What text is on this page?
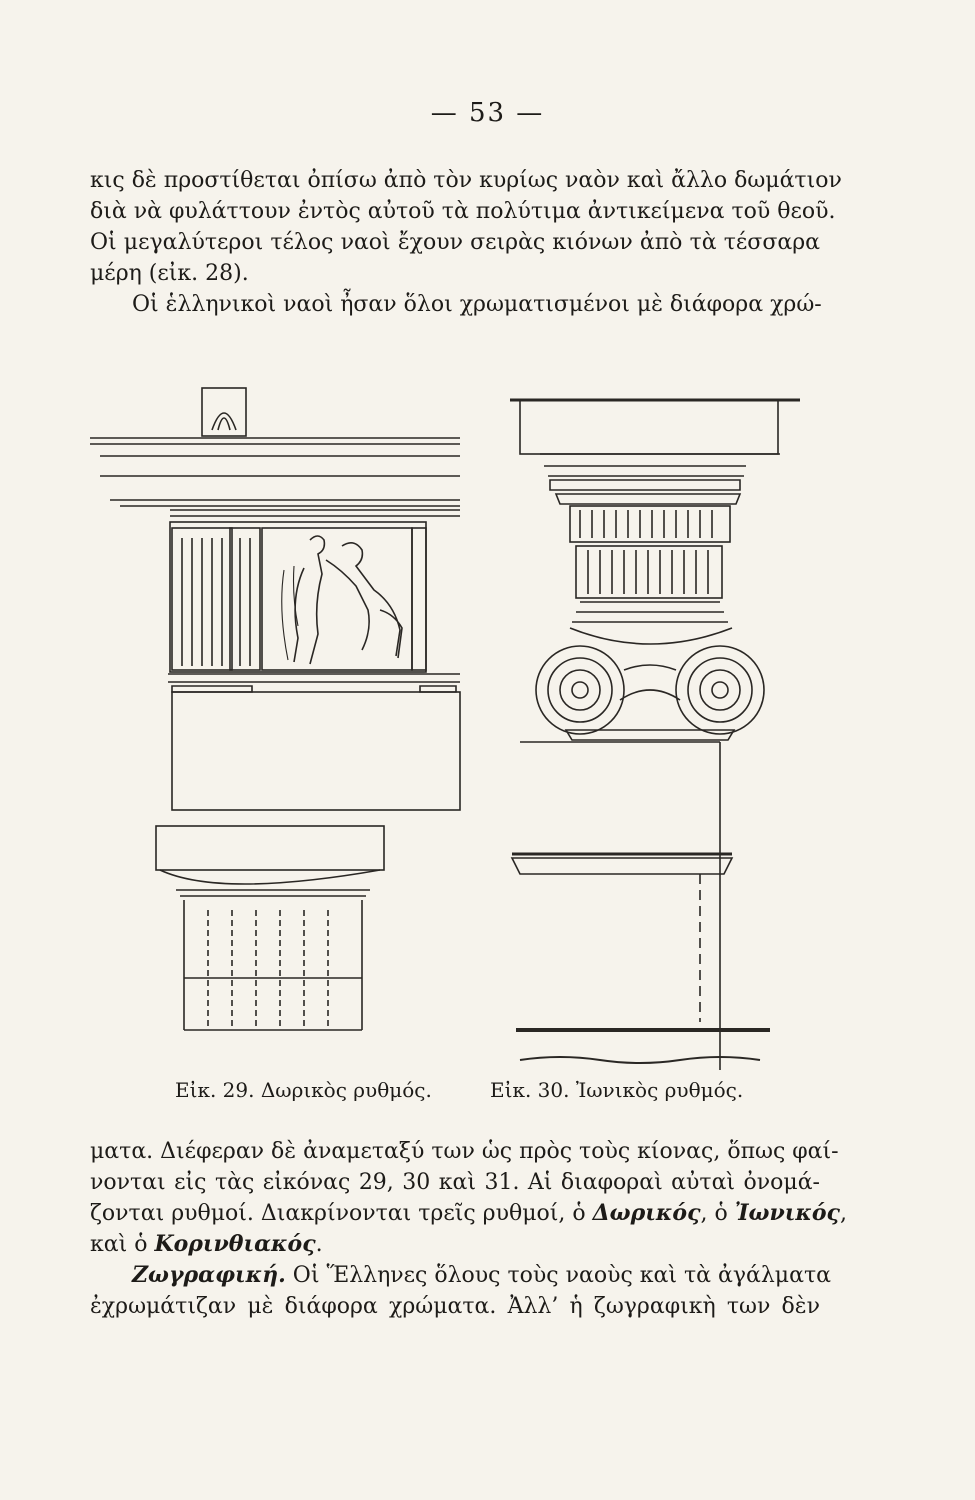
— 53 —
κις δὲ προστίθεται ὀπίσω ἀπὸ τὸν κυρίως ναὸν καὶ ἄλλο δωμάτιον
διὰ νὰ φυλάττουν ἐντὸς αὐτοῦ τὰ πολύτιμα ἀντικείμενα τοῦ θεοῦ.
Οἱ μεγαλύτεροι τέλος ναοὶ ἔχουν σειρὰς κιόνων ἀπὸ τὰ τέσσαρα
μέρη (εἰκ. 28).
Οἱ ἑλληνικοὶ ναοὶ ἦσαν ὅλοι χρωματισμένοι μὲ διάφορα χρώ-
Εἰκ. 29. Δωρικὸς ρυθμός.	Εἰκ. 30. Ἰωνικὸς ρυθμός.
ματα. Διέφεραν δὲ ἀναμεταξύ των ὡς πρὸς τοὺς κίονας, ὅπως φαί-
νονται εἰς τὰς εἰκόνας 29, 30 καὶ 31. Αἱ διαφοραὶ αὐταὶ ὀνομά-
ζονται ρυθμοί. Διακρίνονται τρεῖς ρυθμοί, ὁ Δωρικός, ὁ Ἰωνικός,
καὶ ὁ Κορινθιακός.
Ζωγραφική. Οἱ Ἕλληνες ὅλους τοὺς ναοὺς καὶ τὰ ἀγάλματα
ἐχρωμάτιζαν μὲ διάφορα χρώματα. Ἀλλ’ ἡ ζωγραφικὴ των δὲν
